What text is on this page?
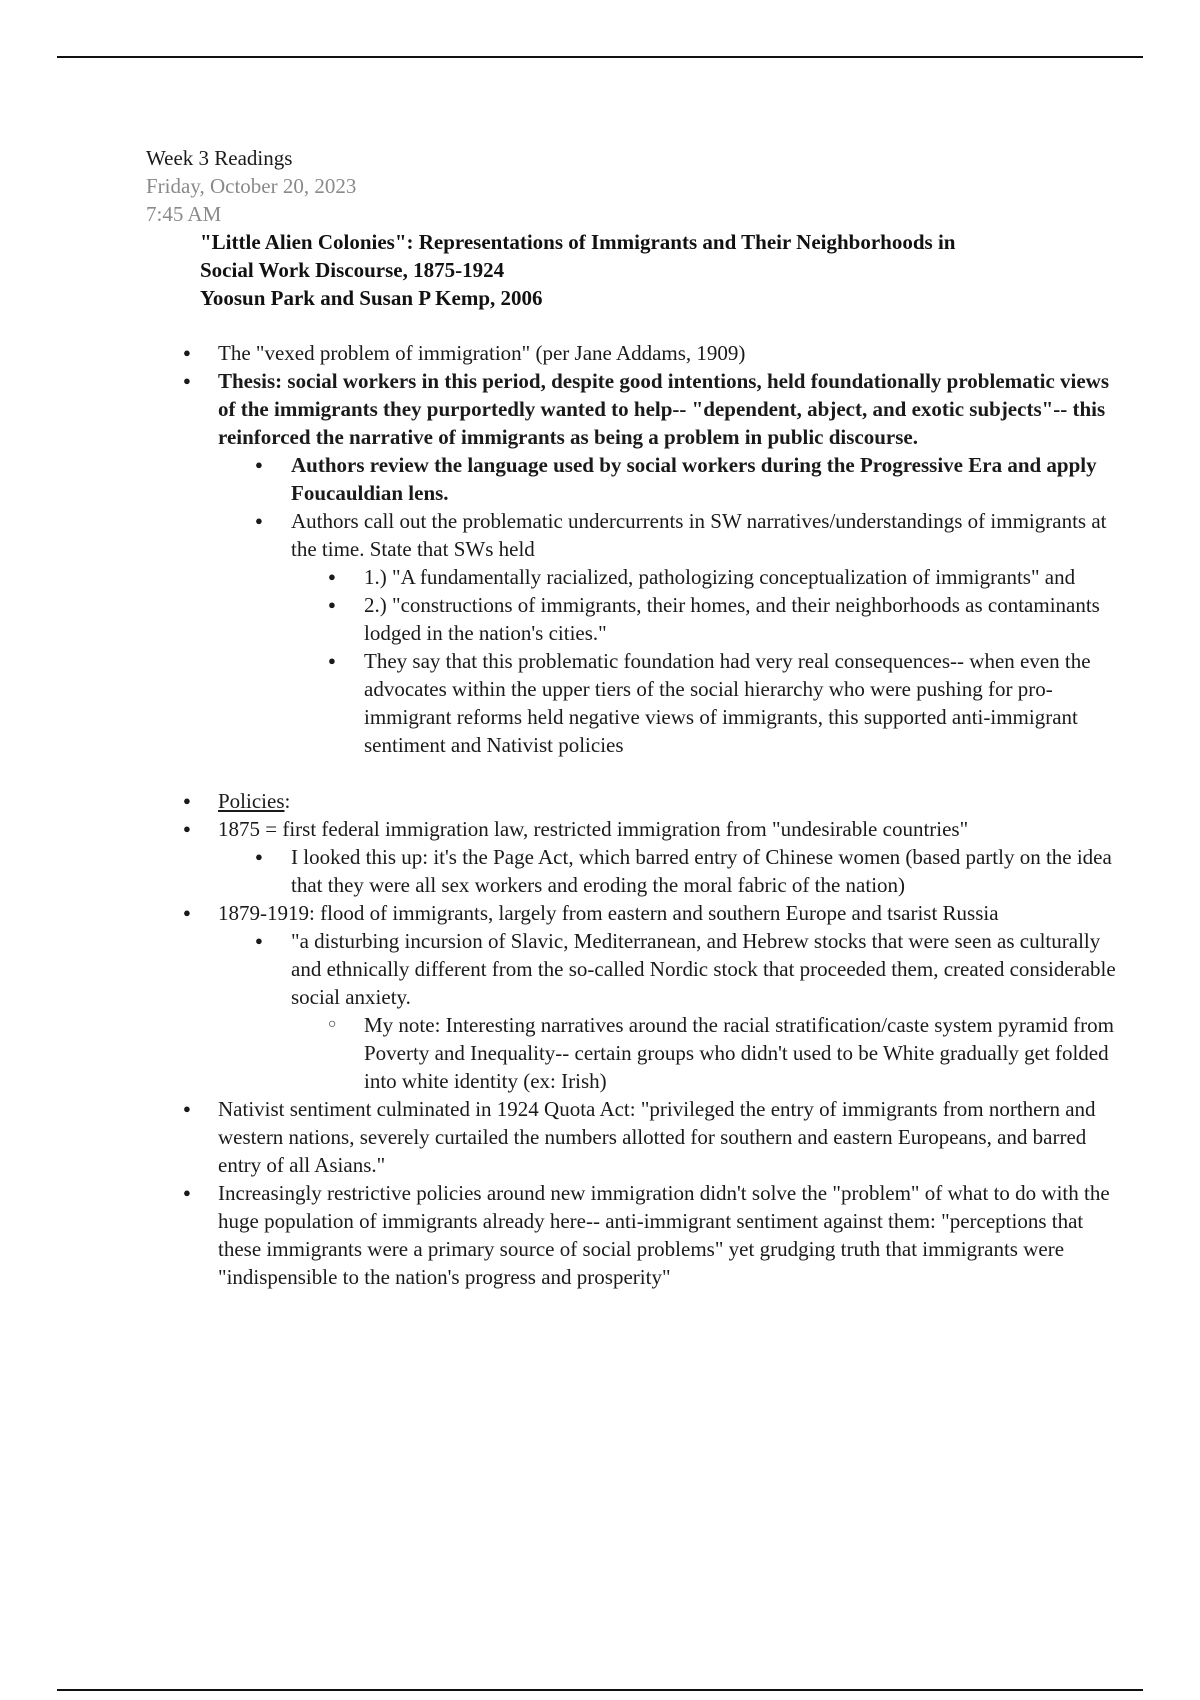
Week 3 Readings
Friday, October 20, 2023
7:45 AM
"Little Alien Colonies": Representations of Immigrants and Their Neighborhoods in
Social Work Discourse, 1875-1924
Yoosun Park and Susan P Kemp, 2006
● The "vexed problem of immigration" (per Jane Addams, 1909)
● Thesis: social workers in this period, despite good intentions, held foundationally problematic views of the immigrants they purportedly wanted to help-- "dependent, abject, and exotic subjects"-- this reinforced the narrative of immigrants as being a problem in public discourse.
● Authors review the language used by social workers during the Progressive Era and apply Foucauldian lens.
● Authors call out the problematic undercurrents in SW narratives/understandings of immigrants at the time. State that SWs held
● 1.) "A fundamentally racialized, pathologizing conceptualization of immigrants" and
● 2.) "constructions of immigrants, their homes, and their neighborhoods as contaminants lodged in the nation's cities."
● They say that this problematic foundation had very real consequences-- when even the advocates within the upper tiers of the social hierarchy who were pushing for pro-immigrant reforms held negative views of immigrants, this supported anti-immigrant sentiment and Nativist policies
● Policies:
● 1875 = first federal immigration law, restricted immigration from "undesirable countries"
● I looked this up: it's the Page Act, which barred entry of Chinese women (based partly on the idea that they were all sex workers and eroding the moral fabric of the nation)
● 1879-1919: flood of immigrants, largely from eastern and southern Europe and tsarist Russia
● "a disturbing incursion of Slavic, Mediterranean, and Hebrew stocks that were seen as culturally and ethnically different from the so-called Nordic stock that proceeded them, created considerable social anxiety.
○ My note: Interesting narratives around the racial stratification/caste system pyramid from Poverty and Inequality-- certain groups who didn't used to be White gradually get folded into white identity (ex: Irish)
● Nativist sentiment culminated in 1924 Quota Act: "privileged the entry of immigrants from northern and western nations, severely curtailed the numbers allotted for southern and eastern Europeans, and barred entry of all Asians."
● Increasingly restrictive policies around new immigration didn't solve the "problem" of what to do with the huge population of immigrants already here-- anti-immigrant sentiment against them: "perceptions that these immigrants were a primary source of social problems" yet grudging truth that immigrants were "indispensible to the nation's progress and prosperity"
